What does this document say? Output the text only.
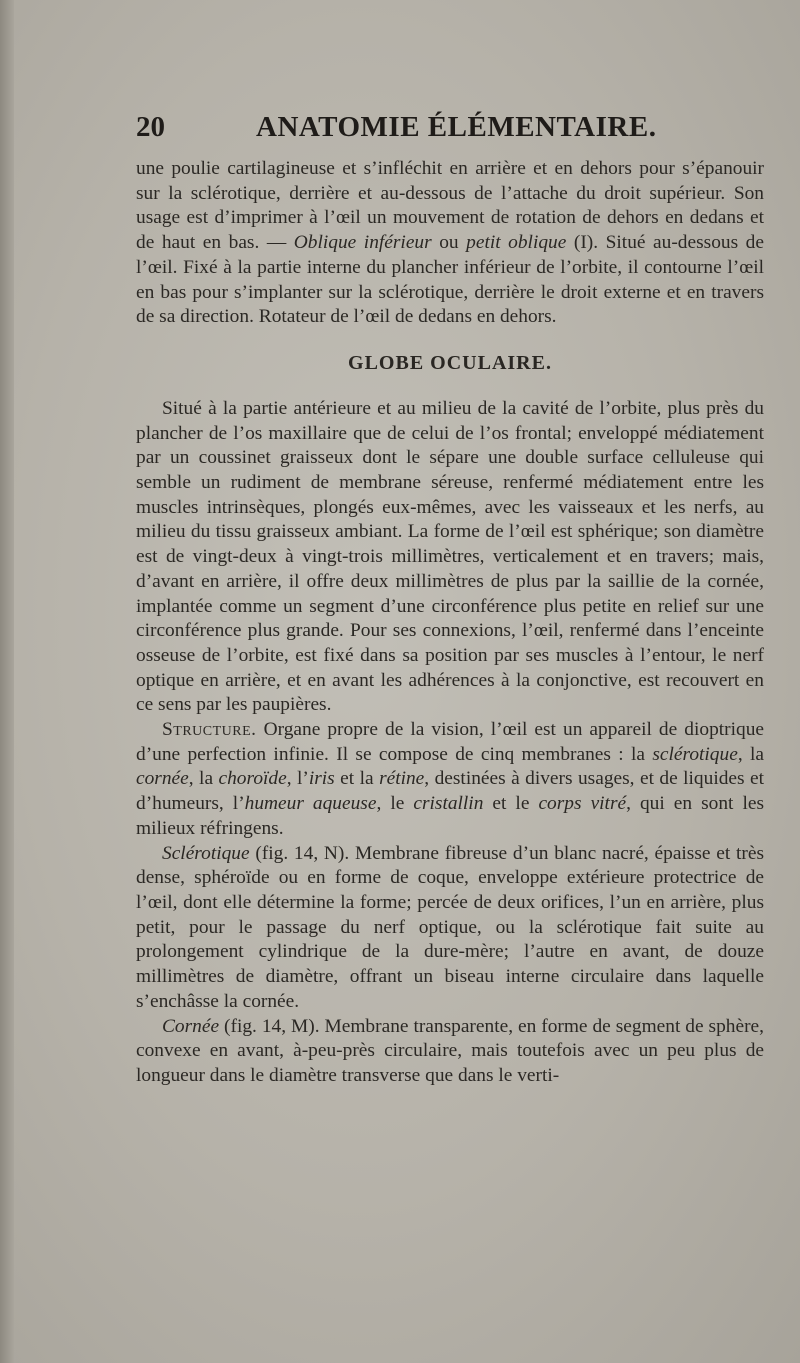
20	ANATOMIE ÉLÉMENTAIRE.

une poulie cartilagineuse et s’infléchit en arrière et en dehors pour s’épanouir sur la sclérotique, derrière et au-dessous de l’attache du droit supérieur. Son usage est d’imprimer à l’œil un mouvement de rotation de dehors en dedans et de haut en bas. — Oblique inférieur ou petit oblique (I). Situé au-dessous de l’œil. Fixé à la partie interne du plancher inférieur de l’orbite, il contourne l’œil en bas pour s’implanter sur la sclérotique, derrière le droit externe et en travers de sa direction. Rotateur de l’œil de dedans en dehors.

GLOBE OCULAIRE.

Situé à la partie antérieure et au milieu de la cavité de l’orbite, plus près du plancher de l’os maxillaire que de celui de l’os frontal; enveloppé médiatement par un coussinet graisseux dont le sépare une double surface celluleuse qui semble un rudiment de membrane séreuse, renfermé médiatement entre les muscles intrinsèques, plongés eux-mêmes, avec les vaisseaux et les nerfs, au milieu du tissu graisseux ambiant. La forme de l’œil est sphérique; son diamètre est de vingt-deux à vingt-trois millimètres, verticalement et en travers; mais, d’avant en arrière, il offre deux millimètres de plus par la saillie de la cornée, implantée comme un segment d’une circonférence plus petite en relief sur une circonférence plus grande. Pour ses connexions, l’œil, renfermé dans l’enceinte osseuse de l’orbite, est fixé dans sa position par ses muscles à l’entour, le nerf optique en arrière, et en avant les adhérences à la conjonctive, est recouvert en ce sens par les paupières.

Structure. Organe propre de la vision, l’œil est un appareil de dioptrique d’une perfection infinie. Il se compose de cinq membranes : la sclérotique, la cornée, la choroïde, l’iris et la rétine, destinées à divers usages, et de liquides et d’humeurs, l’humeur aqueuse, le cristallin et le corps vitré, qui en sont les milieux réfringens.

Sclérotique (fig. 14, N). Membrane fibreuse d’un blanc nacré, épaisse et très dense, sphéroïde ou en forme de coque, enveloppe extérieure protectrice de l’œil, dont elle détermine la forme; percée de deux orifices, l’un en arrière, plus petit, pour le passage du nerf optique, ou la sclérotique fait suite au prolongement cylindrique de la dure-mère; l’autre en avant, de douze millimètres de diamètre, offrant un biseau interne circulaire dans laquelle s’enchâsse la cornée.

Cornée (fig. 14, M). Membrane transparente, en forme de segment de sphère, convexe en avant, à-peu-près circulaire, mais toutefois avec un peu plus de longueur dans le diamètre transverse que dans le verti-
